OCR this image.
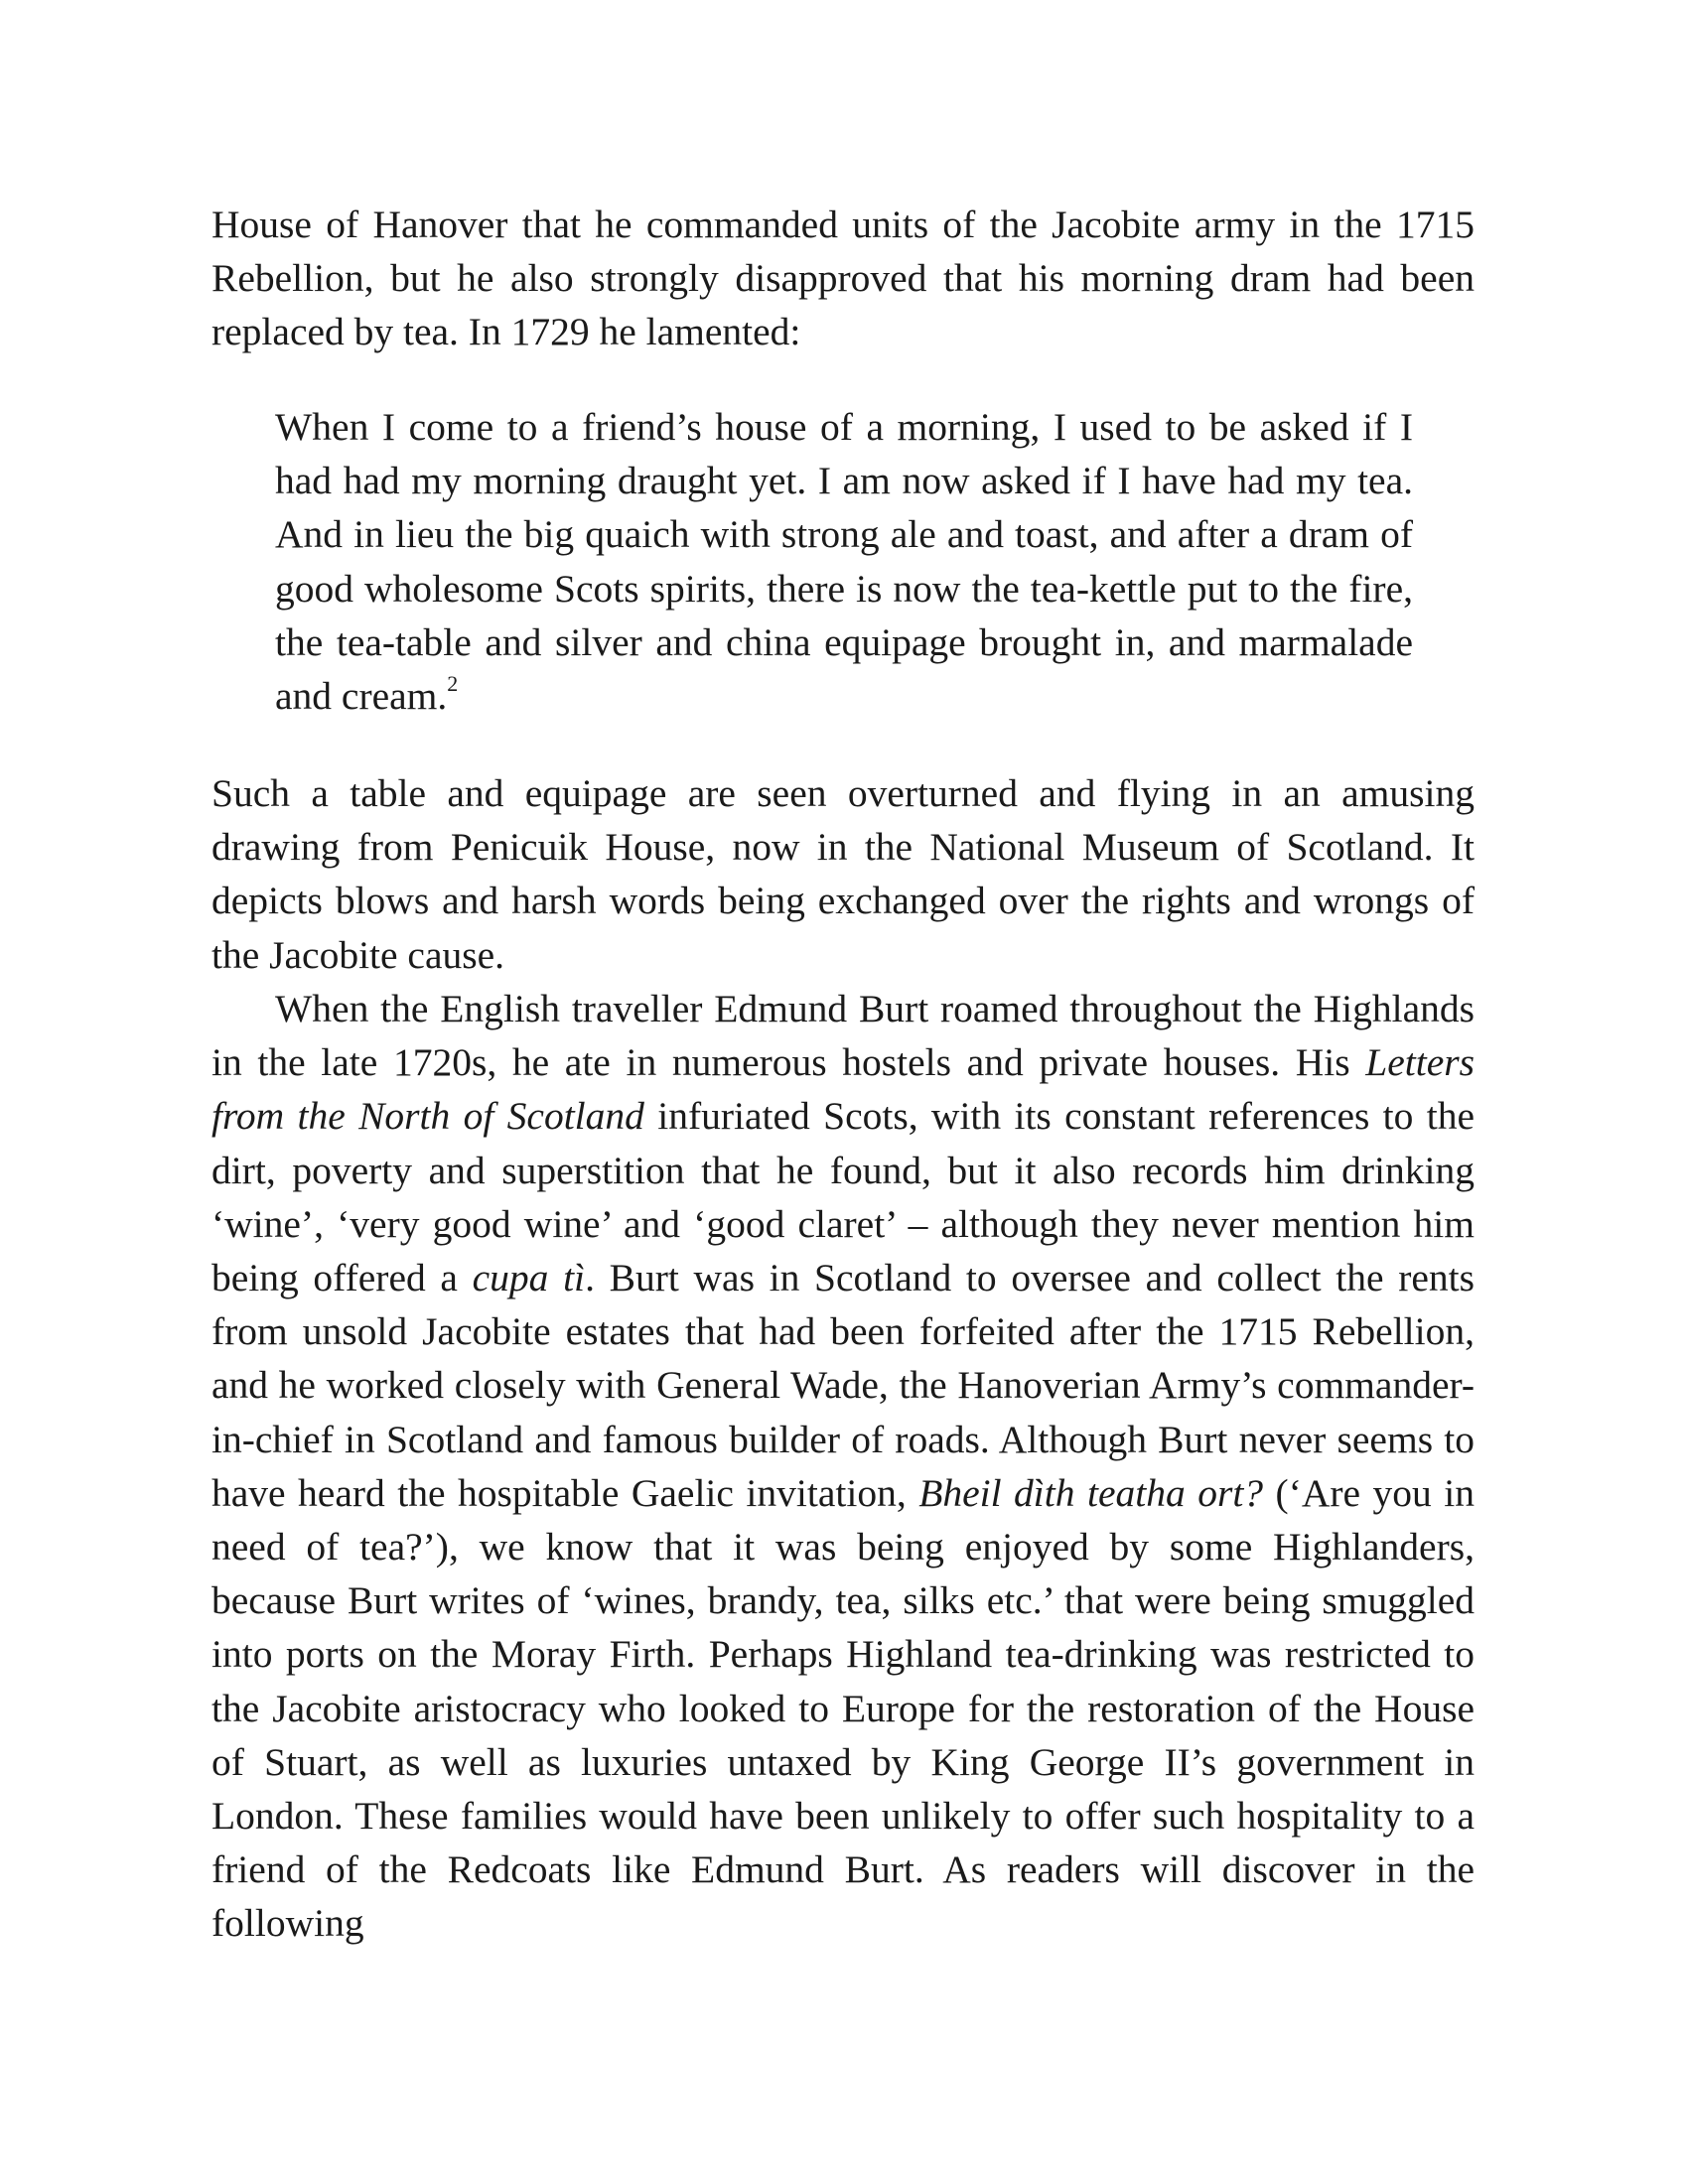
House of Hanover that he commanded units of the Jacobite army in the 1715 Rebellion, but he also strongly disapproved that his morning dram had been replaced by tea. In 1729 he lamented:

When I come to a friend’s house of a morning, I used to be asked if I had had my morning draught yet. I am now asked if I have had my tea. And in lieu the big quaich with strong ale and toast, and after a dram of good wholesome Scots spirits, there is now the tea-kettle put to the fire, the tea-table and silver and china equipage brought in, and marmalade and cream.$^2$

Such a table and equipage are seen overturned and flying in an amusing drawing from Penicuik House, now in the National Museum of Scotland. It depicts blows and harsh words being exchanged over the rights and wrongs of the Jacobite cause.

When the English traveller Edmund Burt roamed throughout the Highlands in the late 1720s, he ate in numerous hostels and private houses. His Letters from the North of Scotland infuriated Scots, with its constant references to the dirt, poverty and superstition that he found, but it also records him drinking ‘wine’, ‘very good wine’ and ‘good claret’ – although they never mention him being offered a cupa tì. Burt was in Scotland to oversee and collect the rents from unsold Jacobite estates that had been forfeited after the 1715 Rebellion, and he worked closely with General Wade, the Hanoverian Army’s commander-in-chief in Scotland and famous builder of roads. Although Burt never seems to have heard the hospitable Gaelic invitation, Bheil dìth teatha ort? (‘Are you in need of tea?’), we know that it was being enjoyed by some Highlanders, because Burt writes of ‘wines, brandy, tea, silks etc.’ that were being smuggled into ports on the Moray Firth. Perhaps Highland tea-drinking was restricted to the Jacobite aristocracy who looked to Europe for the restoration of the House of Stuart, as well as luxuries untaxed by King George II’s government in London. These families would have been unlikely to offer such hospitality to a friend of the Redcoats like Edmund Burt. As readers will discover in the following
